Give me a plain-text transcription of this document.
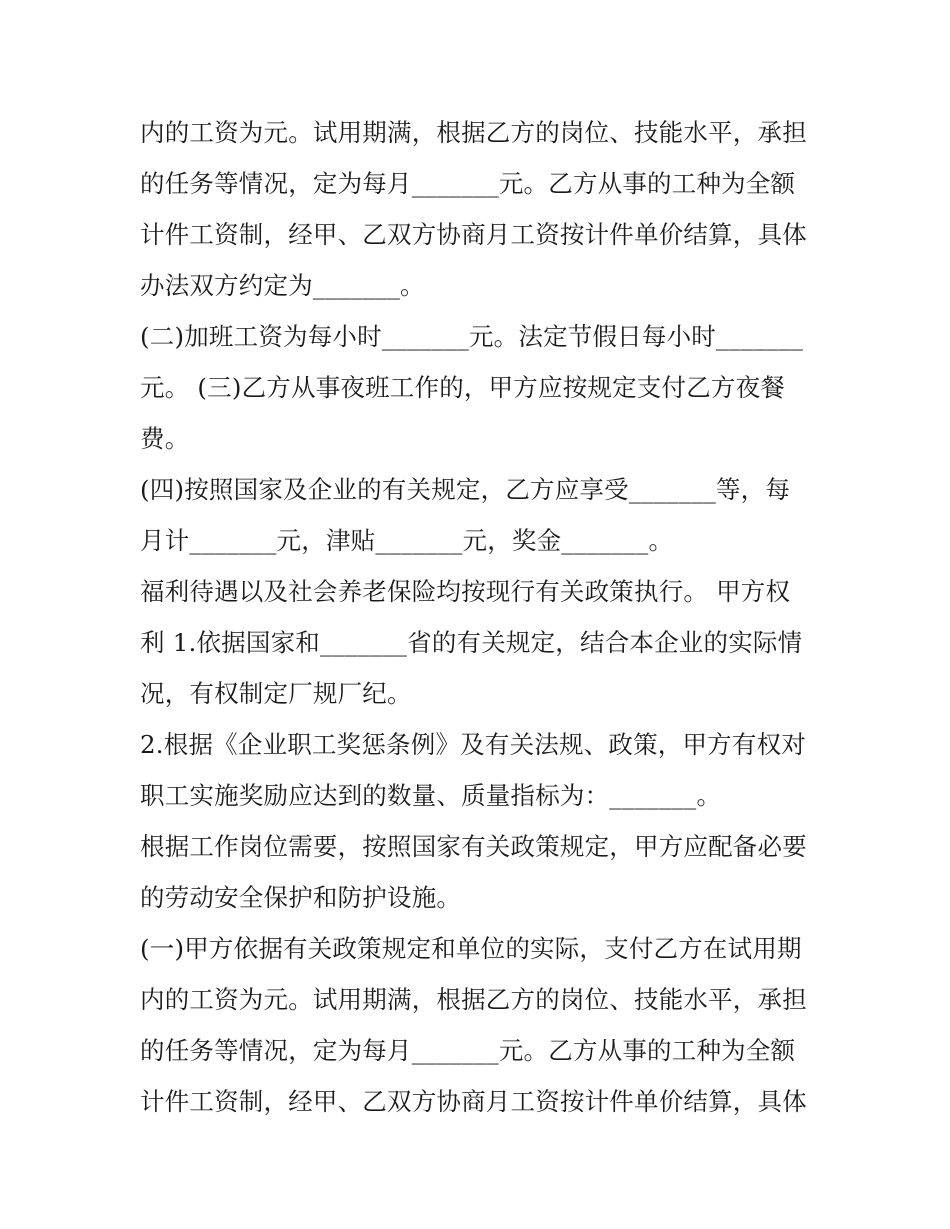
内的工资为元。试用期满，根据乙方的岗位、技能水平，承担
的任务等情况，定为每月_______元。乙方从事的工种为全额
计件工资制，经甲、乙双方协商月工资按计件单价结算，具体
办法双方约定为_______。
(二)加班工资为每小时_______元。法定节假日每小时_______
元。 (三)乙方从事夜班工作的，甲方应按规定支付乙方夜餐
费。
(四)按照国家及企业的有关规定，乙方应享受_______等，每
月计_______元，津贴_______元，奖金_______。
福利待遇以及社会养老保险均按现行有关政策执行。 甲方权
利 1.依据国家和_______省的有关规定，结合本企业的实际情
况，有权制定厂规厂纪。
2.根据《企业职工奖惩条例》及有关法规、政策，甲方有权对
职工实施奖励应达到的数量、质量指标为：_______。
根据工作岗位需要，按照国家有关政策规定，甲方应配备必要
的劳动安全保护和防护设施。
(一)甲方依据有关政策规定和单位的实际，支付乙方在试用期
内的工资为元。试用期满，根据乙方的岗位、技能水平，承担
的任务等情况，定为每月_______元。乙方从事的工种为全额
计件工资制，经甲、乙双方协商月工资按计件单价结算，具体
